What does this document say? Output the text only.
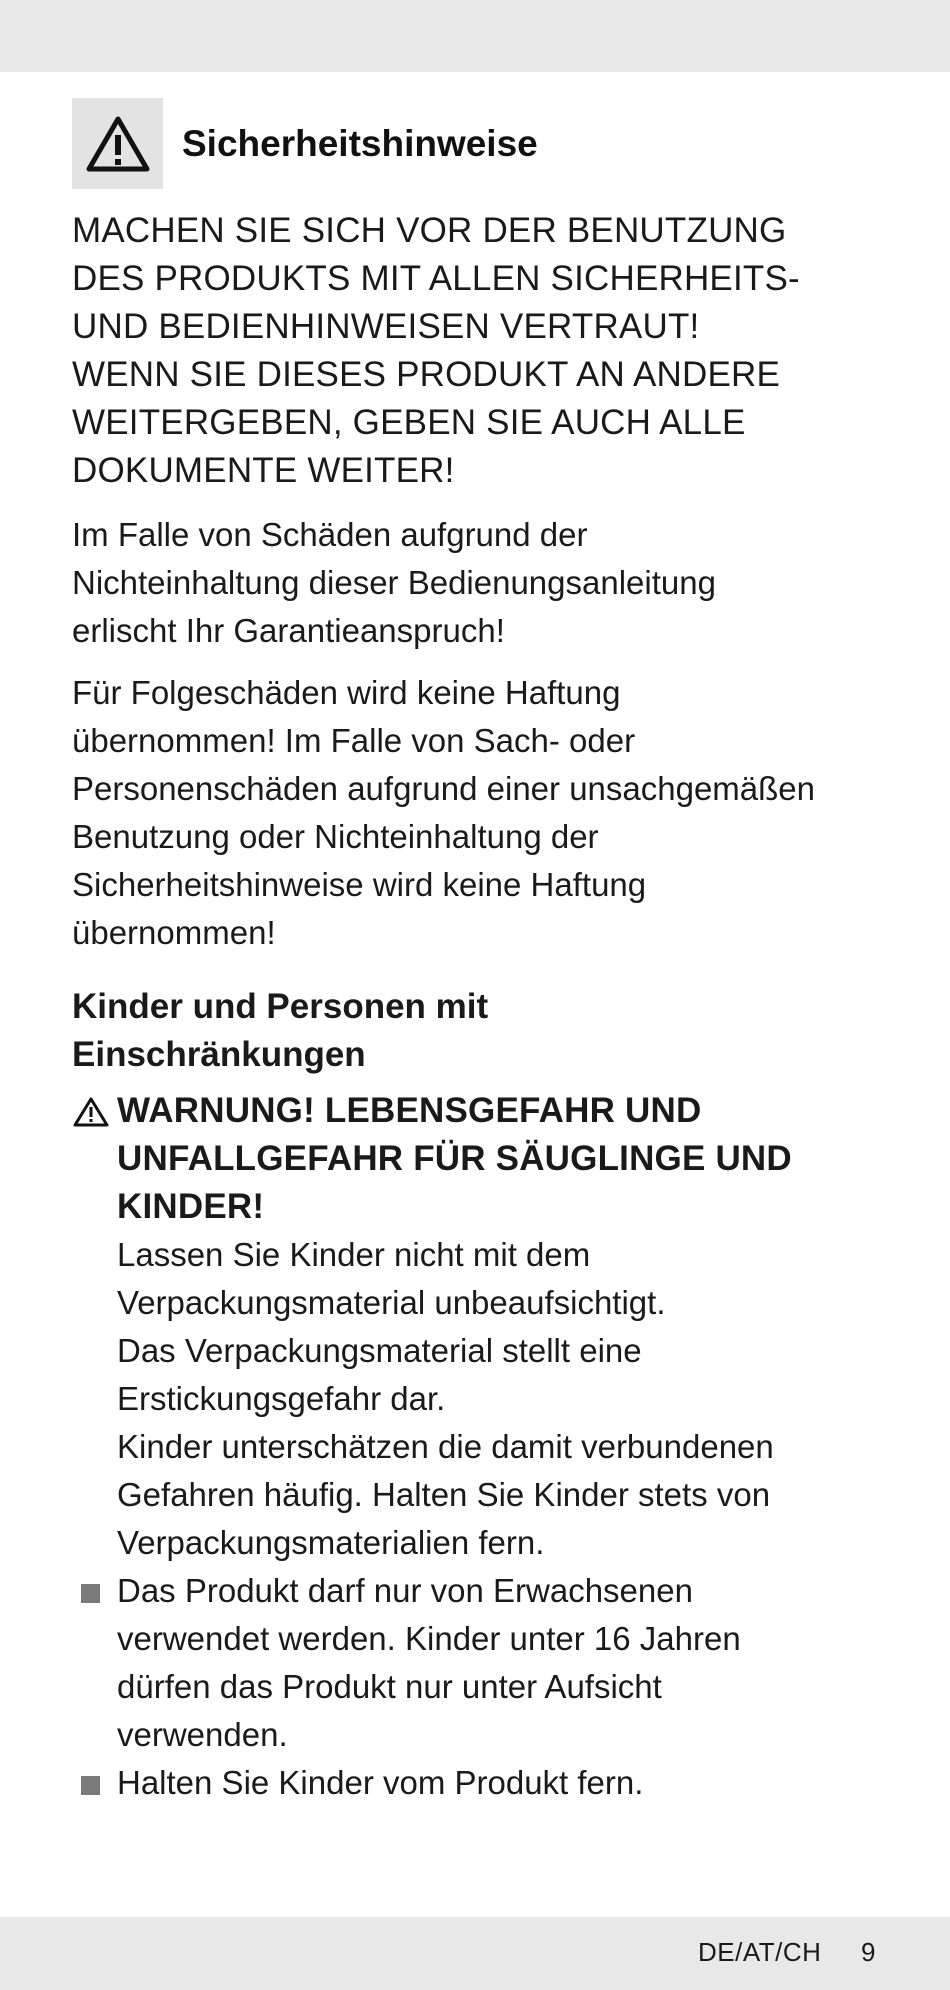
Sicherheitshinweise

MACHEN SIE SICH VOR DER BENUTZUNG

DES PRODUKTS MIT ALLEN SICHERHEITS-

UND BEDIENHINWEISEN VERTRAUT!

WENN SIE DIESES PRODUKT AN ANDERE

WEITERGEBEN, GEBEN SIE AUCH ALLE

DOKUMENTE WEITER!

Im Falle von Schäden aufgrund der
Nichteinhaltung dieser Bedienungsanleitung
erlischt Ihr Garantieanspruch!

Für Folgeschäden wird keine Haftung
übernommen! Im Falle von Sach- oder
Personenschäden aufgrund einer unsachgemäßen
Benutzung oder Nichteinhaltung der
Sicherheitshinweise wird keine Haftung
übernommen!

Kinder und Personen mit
Einschränkungen
WARNUNG! LEBENSGEFAHR UND
UNFALLGEFAHR FÜR SÄUGLINGE UND
KINDER!
Lassen Sie Kinder nicht mit dem
Verpackungsmaterial unbeaufsichtigt.
Das Verpackungsmaterial stellt eine
Erstickungsgefahr dar.
Kinder unterschätzen die damit verbundenen
Gefahren häufig. Halten Sie Kinder stets von
Verpackungsmaterialien fern.
Das Produkt darf nur von Erwachsenen
verwendet werden. Kinder unter 16 Jahren
dürfen das Produkt nur unter Aufsicht
verwenden.
Halten Sie Kinder vom Produkt fern.
DE/AT/CH 9
